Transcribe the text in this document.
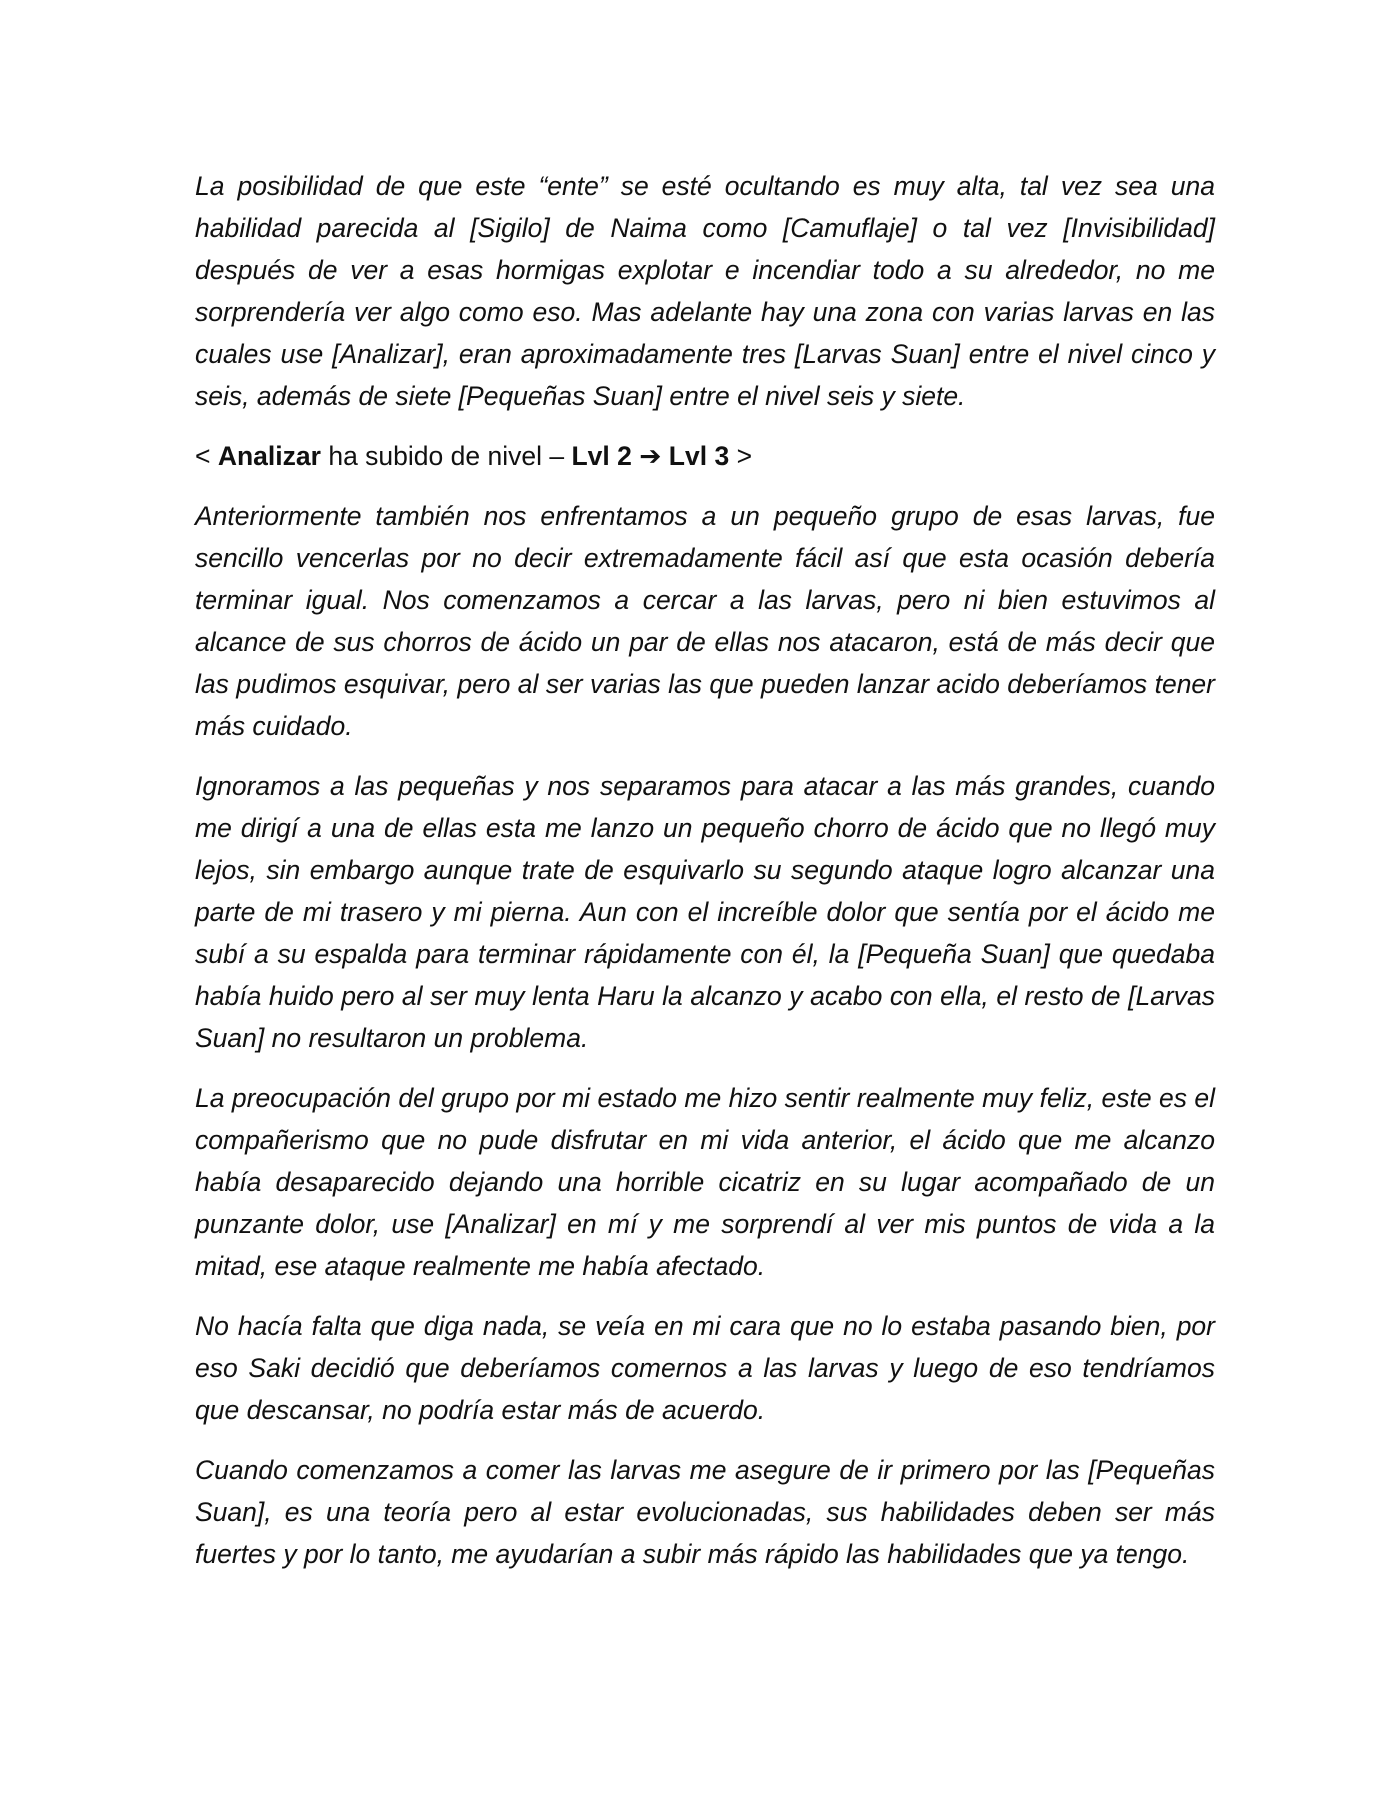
La posibilidad de que este “ente” se esté ocultando es muy alta, tal vez sea una habilidad parecida al [Sigilo] de Naima como [Camuflaje] o tal vez [Invisibilidad] después de ver a esas hormigas explotar e incendiar todo a su alrededor, no me sorprendería ver algo como eso. Mas adelante hay una zona con varias larvas en las cuales use [Analizar], eran aproximadamente tres [Larvas Suan] entre el nivel cinco y seis, además de siete [Pequeñas Suan] entre el nivel seis y siete.

< Analizar ha subido de nivel – Lvl 2 ➔ Lvl 3 >

Anteriormente también nos enfrentamos a un pequeño grupo de esas larvas, fue sencillo vencerlas por no decir extremadamente fácil así que esta ocasión debería terminar igual. Nos comenzamos a cercar a las larvas, pero ni bien estuvimos al alcance de sus chorros de ácido un par de ellas nos atacaron, está de más decir que las pudimos esquivar, pero al ser varias las que pueden lanzar acido deberíamos tener más cuidado.

Ignoramos a las pequeñas y nos separamos para atacar a las más grandes, cuando me dirigí a una de ellas esta me lanzo un pequeño chorro de ácido que no llegó muy lejos, sin embargo aunque trate de esquivarlo su segundo ataque logro alcanzar una parte de mi trasero y mi pierna. Aun con el increíble dolor que sentía por el ácido me subí a su espalda para terminar rápidamente con él, la [Pequeña Suan] que quedaba había huido pero al ser muy lenta Haru la alcanzo y acabo con ella, el resto de [Larvas Suan] no resultaron un problema.

La preocupación del grupo por mi estado me hizo sentir realmente muy feliz, este es el compañerismo que no pude disfrutar en mi vida anterior, el ácido que me alcanzo había desaparecido dejando una horrible cicatriz en su lugar acompañado de un punzante dolor, use [Analizar] en mí y me sorprendí al ver mis puntos de vida a la mitad, ese ataque realmente me había afectado.

No hacía falta que diga nada, se veía en mi cara que no lo estaba pasando bien, por eso Saki decidió que deberíamos comernos a las larvas y luego de eso tendríamos que descansar, no podría estar más de acuerdo.

Cuando comenzamos a comer las larvas me asegure de ir primero por las [Pequeñas Suan], es una teoría pero al estar evolucionadas, sus habilidades deben ser más fuertes y por lo tanto, me ayudarían a subir más rápido las habilidades que ya tengo.
